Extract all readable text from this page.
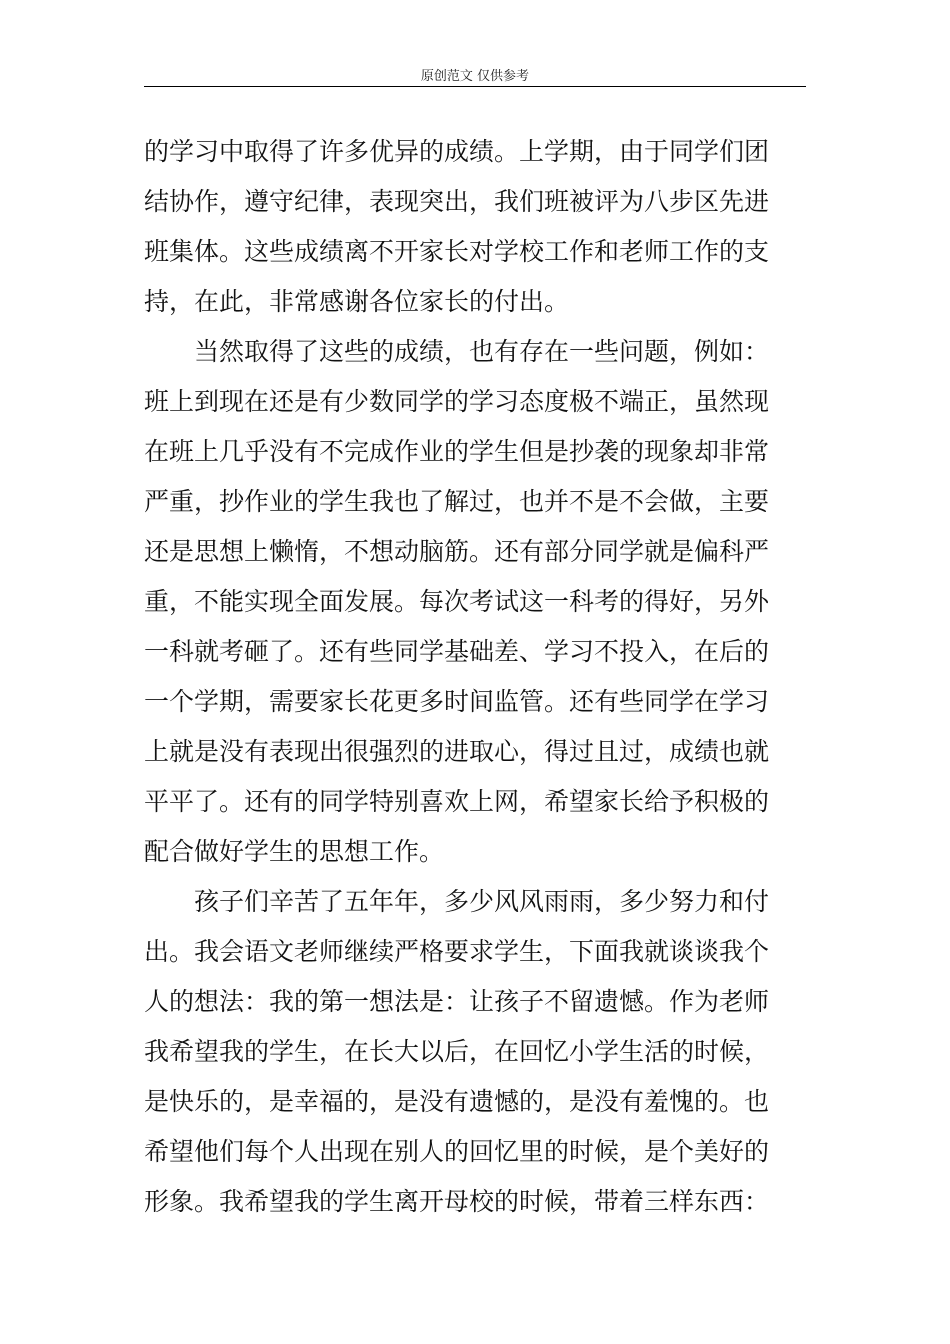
原创范文 仅供参考
的学习中取得了许多优异的成绩。上学期，由于同学们团
结协作，遵守纪律，表现突出，我们班被评为八步区先进
班集体。这些成绩离不开家长对学校工作和老师工作的支
持，在此，非常感谢各位家长的付出。
当然取得了这些的成绩，也有存在一些问题，例如：
班上到现在还是有少数同学的学习态度极不端正，虽然现
在班上几乎没有不完成作业的学生但是抄袭的现象却非常
严重，抄作业的学生我也了解过，也并不是不会做，主要
还是思想上懒惰，不想动脑筋。还有部分同学就是偏科严
重，不能实现全面发展。每次考试这一科考的得好，另外
一科就考砸了。还有些同学基础差、学习不投入，在后的
一个学期，需要家长花更多时间监管。还有些同学在学习
上就是没有表现出很强烈的进取心，得过且过，成绩也就
平平了。还有的同学特别喜欢上网，希望家长给予积极的
配合做好学生的思想工作。
孩子们辛苦了五年年，多少风风雨雨，多少努力和付
出。我会语文老师继续严格要求学生，下面我就谈谈我个
人的想法：我的第一想法是：让孩子不留遗憾。作为老师
我希望我的学生，在长大以后，在回忆小学生活的时候，
是快乐的，是幸福的，是没有遗憾的，是没有羞愧的。也
希望他们每个人出现在别人的回忆里的时候，是个美好的
形象。我希望我的学生离开母校的时候，带着三样东西：
